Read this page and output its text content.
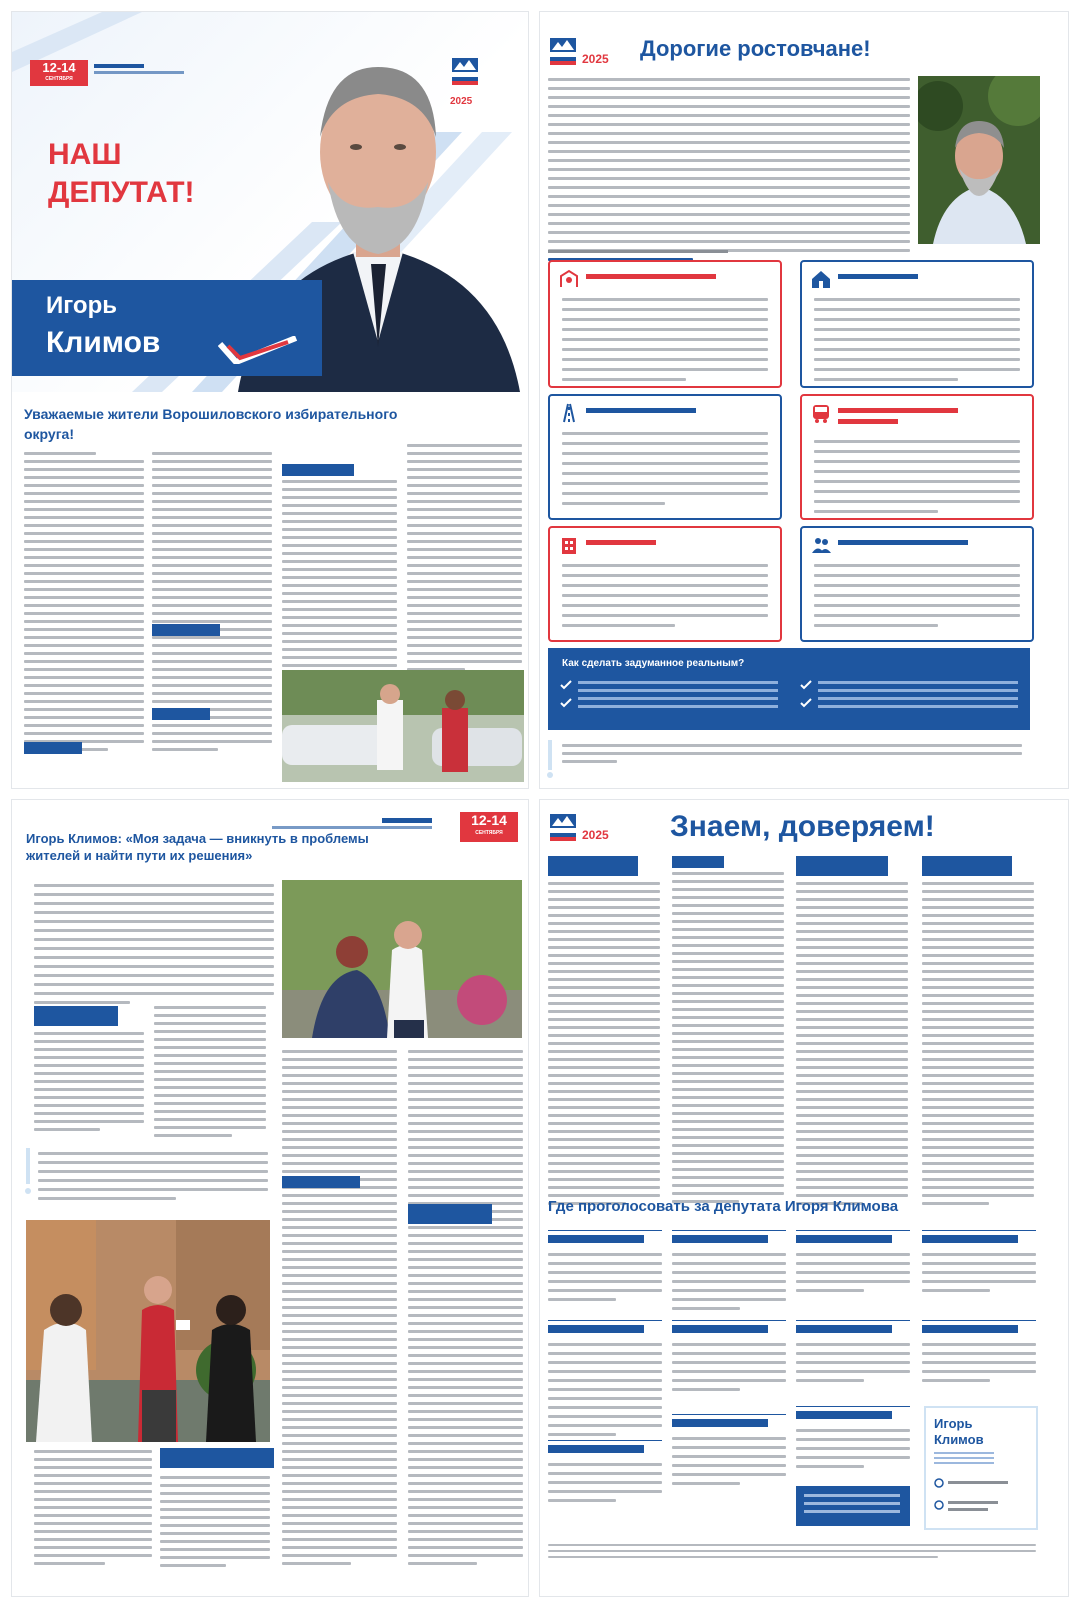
12-14
СЕНТЯБРЯ
2025
НАШ
ДЕПУТАТ!
Игорь
Климов
Уважаемые жители Ворошиловского избирательного округа!
2025 Дорогие ростовчане!

Как сделать задуманное реальным?
12-14
СЕНТЯБРЯ
Игорь Климов: «Моя задача — вникнуть в проблемы жителей и найти пути их решения»
2025 Знаем, доверяем!
Где проголосовать за депутата Игоря Климова
Игорь
Климов
